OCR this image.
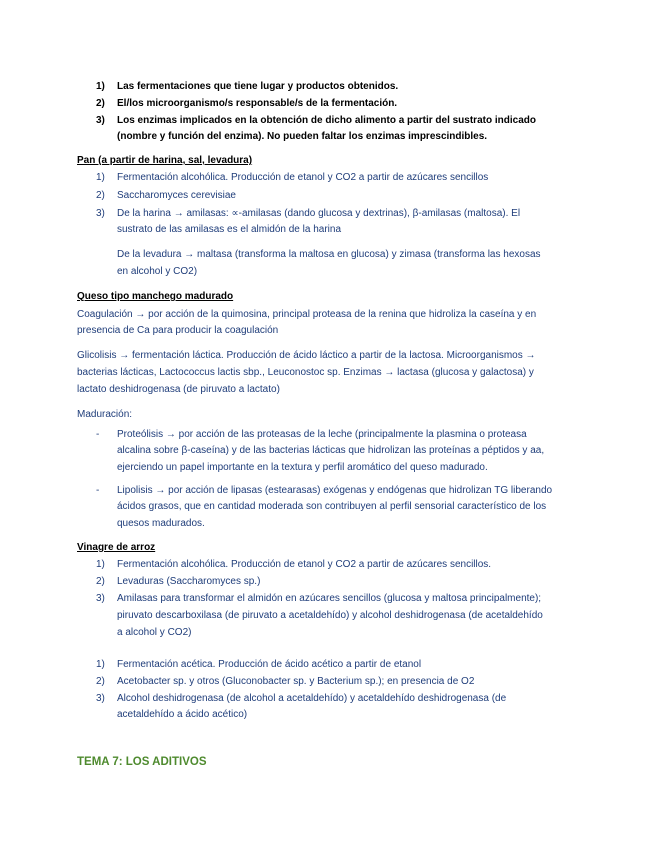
1) Las fermentaciones que tiene lugar y productos obtenidos.
2) El/los microorganismo/s responsable/s de la fermentación.
3) Los enzimas implicados en la obtención de dicho alimento a partir del sustrato indicado
(nombre y función del enzima). No pueden faltar los enzimas imprescindibles.
Pan (a partir de harina, sal, levadura)
1) Fermentación alcohólica. Producción de etanol y CO2 a partir de azúcares sencillos
2) Saccharomyces cerevisiae
3) De la harina → amilasas: ∝-amilasas (dando glucosa y dextrinas), β-amilasas (maltosa). El
sustrato de las amilasas es el almidón de la harina
De la levadura → maltasa (transforma la maltosa en glucosa) y zimasa (transforma las hexosas
en alcohol y CO2)
Queso tipo manchego madurado
Coagulación → por acción de la quimosina, principal proteasa de la renina que hidroliza la caseína y en
presencia de Ca para producir la coagulación
Glicolisis → fermentación láctica. Producción de ácido láctico a partir de la lactosa. Microorganismos →
bacterias lácticas, Lactococcus lactis sbp., Leuconostoc sp. Enzimas → lactasa (glucosa y galactosa) y
lactato deshidrogenasa (de piruvato a lactato)
Maduración:
- Proteólisis → por acción de las proteasas de la leche (principalmente la plasmina o proteasa
alcalina sobre β-caseína) y de las bacterias lácticas que hidrolizan las proteínas a péptidos y aa,
ejerciendo un papel importante en la textura y perfil aromático del queso madurado.
- Lipolisis → por acción de lipasas (estearasas) exógenas y endógenas que hidrolizan TG liberando
ácidos grasos, que en cantidad moderada son contribuyen al perfil sensorial característico de los
quesos madurados.
Vinagre de arroz
1) Fermentación alcohólica. Producción de etanol y CO2 a partir de azúcares sencillos.
2) Levaduras (Saccharomyces sp.)
3) Amilasas para transformar el almidón en azúcares sencillos (glucosa y maltosa principalmente);
piruvato descarboxilasa (de piruvato a acetaldehído) y alcohol deshidrogenasa (de acetaldehído
a alcohol y CO2)
1) Fermentación acética. Producción de ácido acético a partir de etanol
2) Acetobacter sp. y otros (Gluconobacter sp. y Bacterium sp.); en presencia de O2
3) Alcohol deshidrogenasa (de alcohol a acetaldehído) y acetaldehído deshidrogenasa (de
acetaldehído a ácido acético)
TEMA 7: LOS ADITIVOS
